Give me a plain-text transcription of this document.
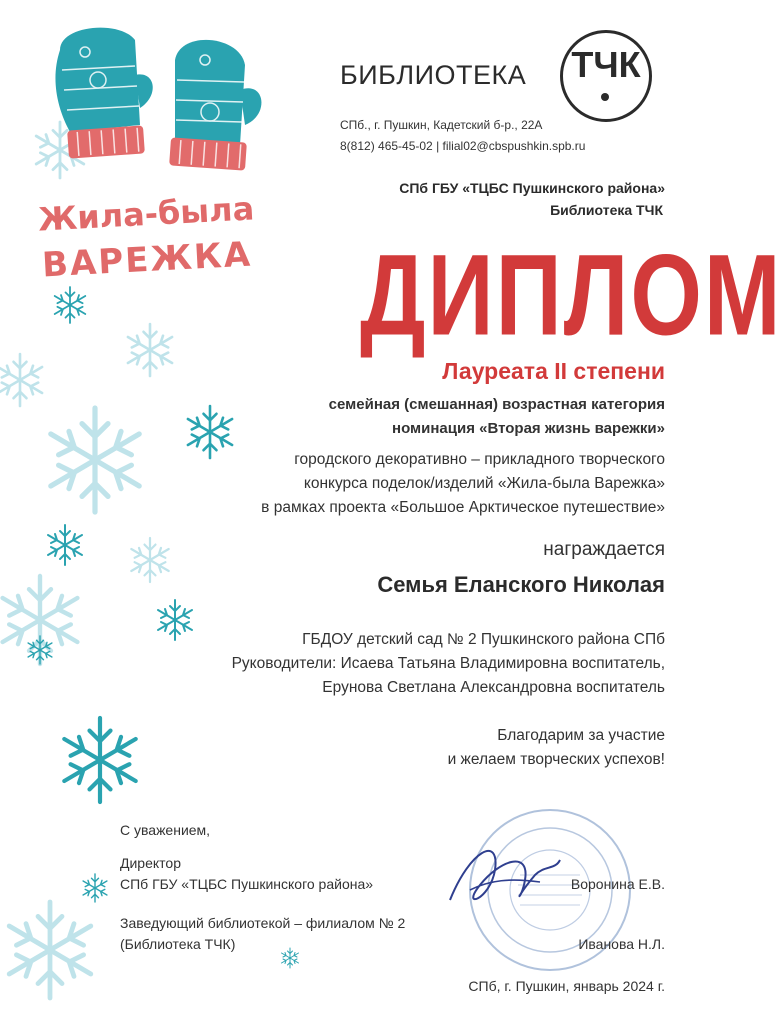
Жила-была
ВАРЕЖКА
БИБЛИОТЕКА	ТЧК
СПб., г. Пушкин, Кадетский б-р., 22А
8(812) 465-45-02 | filial02@cbspushkin.spb.ru
СПб ГБУ «ТЦБС Пушкинского района»
Библиотека ТЧК
ДИПЛОМ
Лауреата II степени
семейная (смешанная) возрастная категория
номинация «Вторая жизнь варежки»
городского декоративно – прикладного творческого
конкурса поделок/изделий «Жила-была Варежка»
в рамках проекта «Большое Арктическое путешествие»
награждается
Семья Еланского Николая
ГБДОУ детский сад № 2 Пушкинского района СПб
Руководители: Исаева Татьяна Владимировна воспитатель,
Ерунова Светлана Александровна воспитатель
Благодарим за участие
и желаем творческих успехов!
С уважением,
Директор
СПб ГБУ «ТЦБС Пушкинского района»	Воронина Е.В.
Заведующий библиотекой – филиалом № 2
(Библиотека ТЧК)	Иванова Н.Л.
СПб, г. Пушкин, январь 2024 г.
